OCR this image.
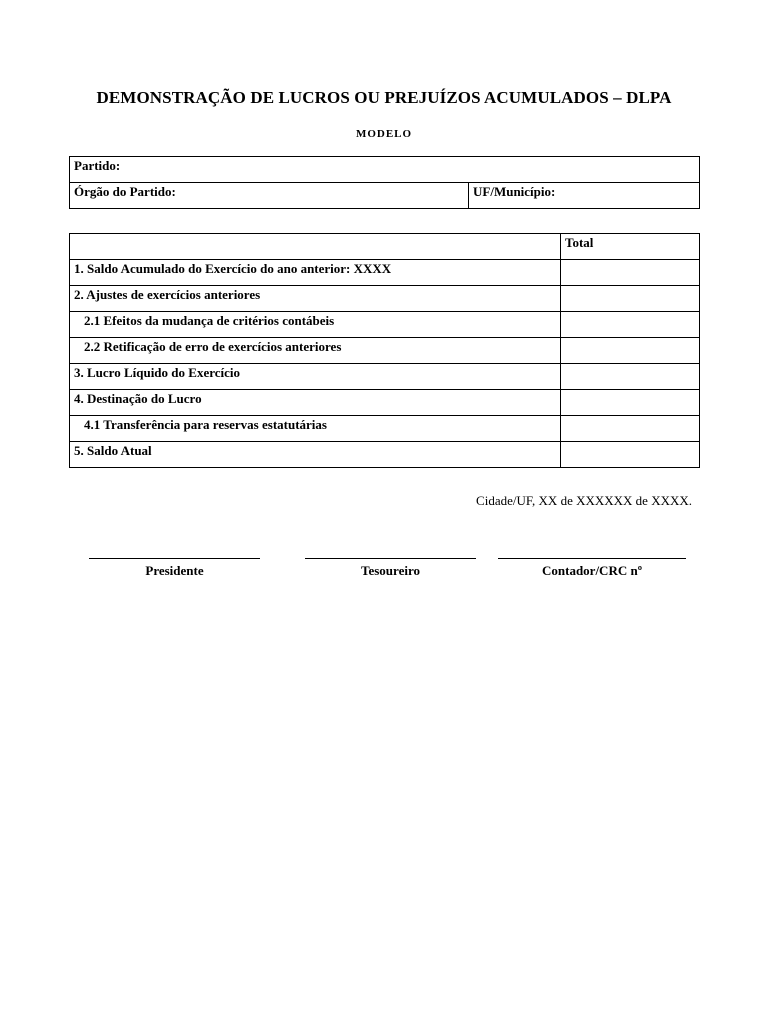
DEMONSTRAÇÃO DE LUCROS OU PREJUÍZOS ACUMULADOS – DLPA
MODELO
Partido:
Órgão do Partido:	UF/Município:
	Total
1. Saldo Acumulado do Exercício do ano anterior: XXXX	
2. Ajustes de exercícios anteriores	
2.1 Efeitos da mudança de critérios contábeis	
2.2 Retificação de erro de exercícios anteriores	
3. Lucro Líquido do Exercício	
4. Destinação do Lucro	
4.1 Transferência para reservas estatutárias	
5. Saldo Atual	
Cidade/UF, XX de XXXXXX de XXXX.
Presidente	Tesoureiro	Contador/CRC nº
